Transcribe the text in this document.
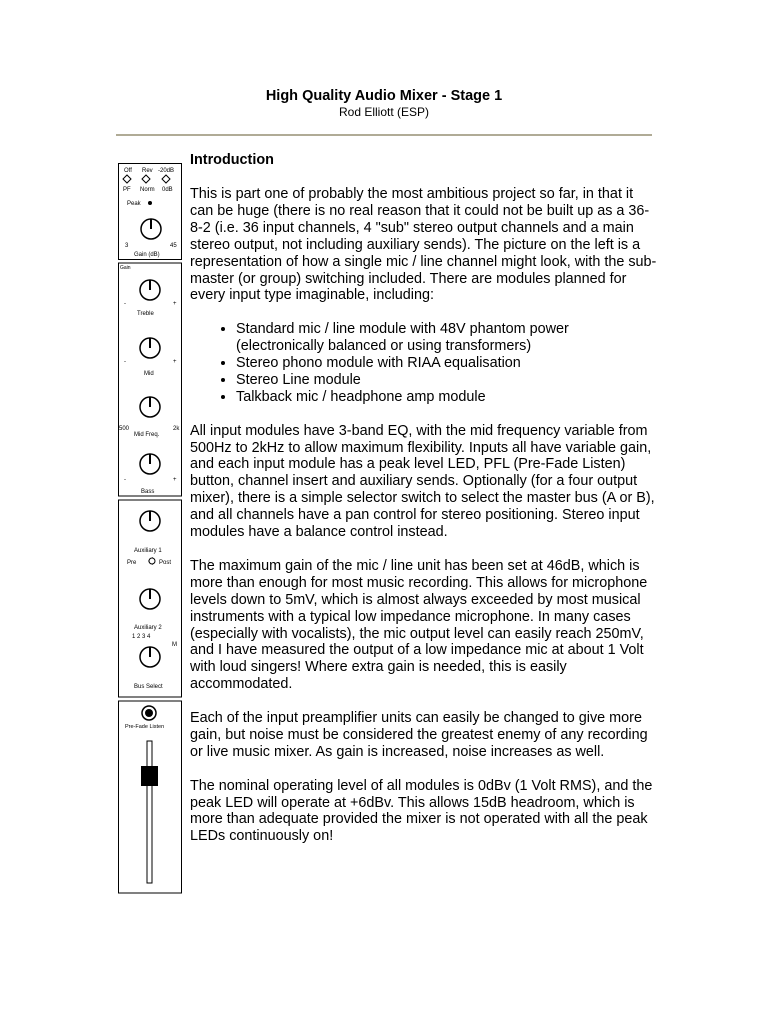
High Quality Audio Mixer - Stage 1
Rod Elliott (ESP)
Off Rev -20dB
PF Norm 0dB
Peak
3	45
Gain (dB)
Gain
-	+
Treble
-	+
Mid
500	2k
Mid Freq.
-	+
Bass
Auxiliary 1
Pre	Post
Auxiliary 2
1 2 3 4
M
Bus Select
Pre-Fade Listen
Introduction

This is part one of probably the most ambitious project so far, in that it can be huge (there is no real reason that it could not be built up as a 36-8-2 (i.e. 36 input channels, 4 "sub" stereo output channels and a main stereo output, not including auxiliary sends). The picture on the left is a representation of how a single mic / line channel might look, with the sub-master (or group) switching included. There are modules planned for every input type imaginable, including:

• Standard mic / line module with 48V phantom power (electronically balanced or using transformers)
• Stereo phono module with RIAA equalisation
• Stereo Line module
• Talkback mic / headphone amp module

All input modules have 3-band EQ, with the mid frequency variable from 500Hz to 2kHz to allow maximum flexibility. Inputs all have variable gain, and each input module has a peak level LED, PFL (Pre-Fade Listen) button, channel insert and auxiliary sends. Optionally (for a four output mixer), there is a simple selector switch to select the master bus (A or B), and all channels have a pan control for stereo positioning. Stereo input modules have a balance control instead.

The maximum gain of the mic / line unit has been set at 46dB, which is more than enough for most music recording. This allows for microphone levels down to 5mV, which is almost always exceeded by most musical instruments with a typical low impedance microphone. In many cases (especially with vocalists), the mic output level can easily reach 250mV, and I have measured the output of a low impedance mic at about 1 Volt with loud singers! Where extra gain is needed, this is easily accommodated.

Each of the input preamplifier units can easily be changed to give more gain, but noise must be considered the greatest enemy of any recording or live music mixer. As gain is increased, noise increases as well.

The nominal operating level of all modules is 0dBv (1 Volt RMS), and the peak LED will operate at +6dBv. This allows 15dB headroom, which is more than adequate provided the mixer is not operated with all the peak LEDs continuously on!
